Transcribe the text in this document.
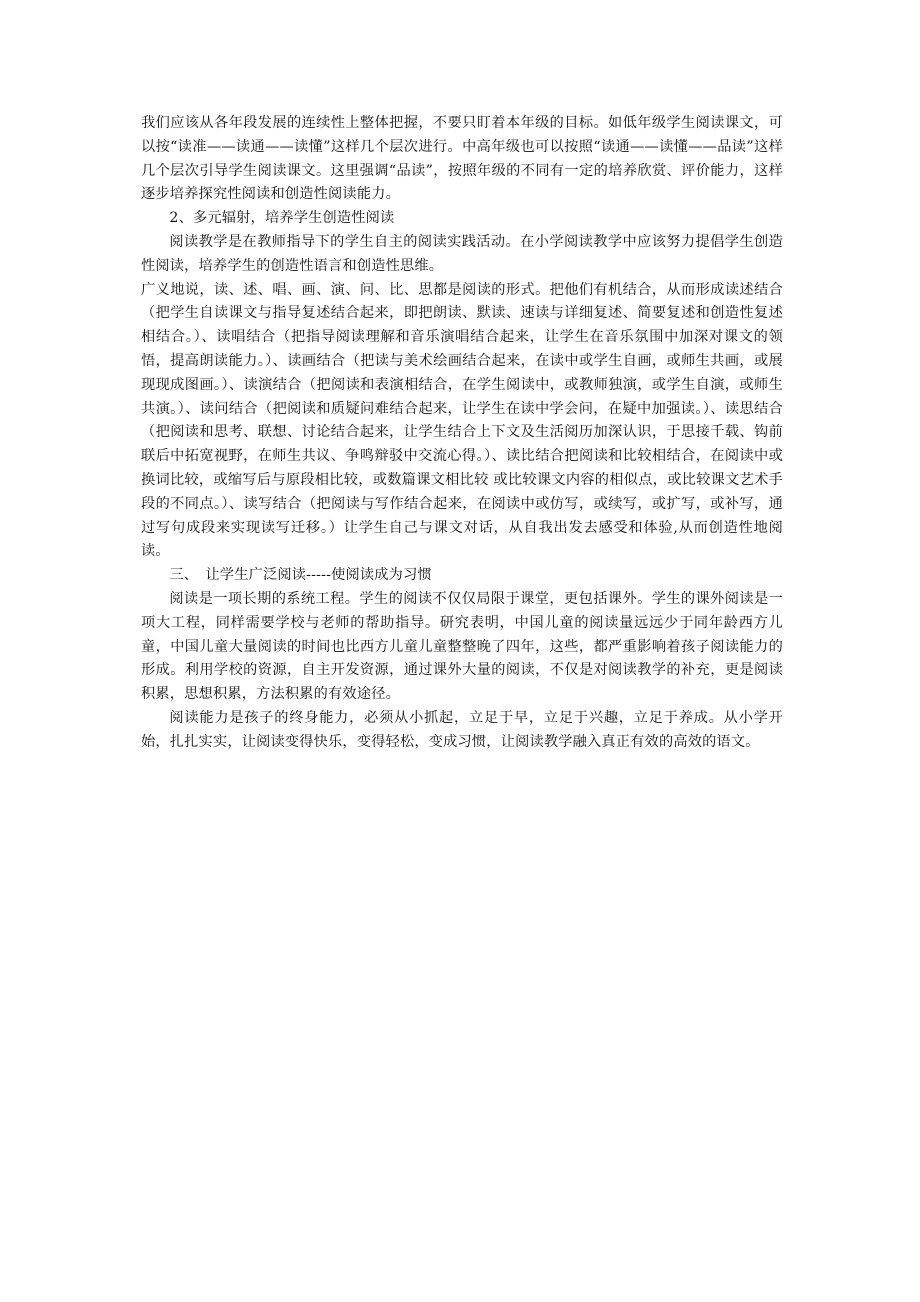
我们应该从各年段发展的连续性上整体把握，不要只盯着本年级的目标。如低年级学生阅读课文，可以按“读准——读通——读懂”这样几个层次进行。中高年级也可以按照“读通——读懂——品读”这样几个层次引导学生阅读课文。这里强调“品读”，按照年级的不同有一定的培养欣赏、评价能力，这样逐步培养探究性阅读和创造性阅读能力。

2、多元辐射，培养学生创造性阅读

阅读教学是在教师指导下的学生自主的阅读实践活动。在小学阅读教学中应该努力提倡学生创造性阅读，培养学生的创造性语言和创造性思维。

广义地说，读、述、唱、画、演、问、比、思都是阅读的形式。把他们有机结合，从而形成读述结合（把学生自读课文与指导复述结合起来，即把朗读、默读、速读与详细复述、简要复述和创造性复述相结合。）、读唱结合（把指导阅读理解和音乐演唱结合起来，让学生在音乐氛围中加深对课文的领悟，提高朗读能力。）、读画结合（把读与美术绘画结合起来，在读中或学生自画，或师生共画，或展现现成图画。）、读演结合（把阅读和表演相结合，在学生阅读中，或教师独演，或学生自演，或师生共演。）、读问结合（把阅读和质疑问难结合起来，让学生在读中学会问，在疑中加强读。）、读思结合（把阅读和思考、联想、讨论结合起来，让学生结合上下文及生活阅历加深认识，于思接千载、钩前联后中拓宽视野，在师生共议、争鸣辩驳中交流心得。）、读比结合把阅读和比较相结合，在阅读中或换词比较，或缩写后与原段相比较，或数篇课文相比较 或比较课文内容的相似点，或比较课文艺术手段的不同点。）、读写结合（把阅读与写作结合起来，在阅读中或仿写，或续写，或扩写，或补写，通过写句成段来实现读写迁移。）让学生自己与课文对话，从自我出发去感受和体验,从而创造性地阅读。

三、　让学生广泛阅读-----使阅读成为习惯

阅读是一项长期的系统工程。学生的阅读不仅仅局限于课堂，更包括课外。学生的课外阅读是一项大工程，同样需要学校与老师的帮助指导。研究表明，中国儿童的阅读量远远少于同年龄西方儿童，中国儿童大量阅读的时间也比西方儿童儿童整整晚了四年，这些，都严重影响着孩子阅读能力的形成。利用学校的资源，自主开发资源，通过课外大量的阅读，不仅是对阅读教学的补充，更是阅读积累，思想积累，方法积累的有效途径。

阅读能力是孩子的终身能力，必须从小抓起，立足于早，立足于兴趣，立足于养成。从小学开始，扎扎实实，让阅读变得快乐，变得轻松，变成习惯，让阅读教学融入真正有效的高效的语文。
